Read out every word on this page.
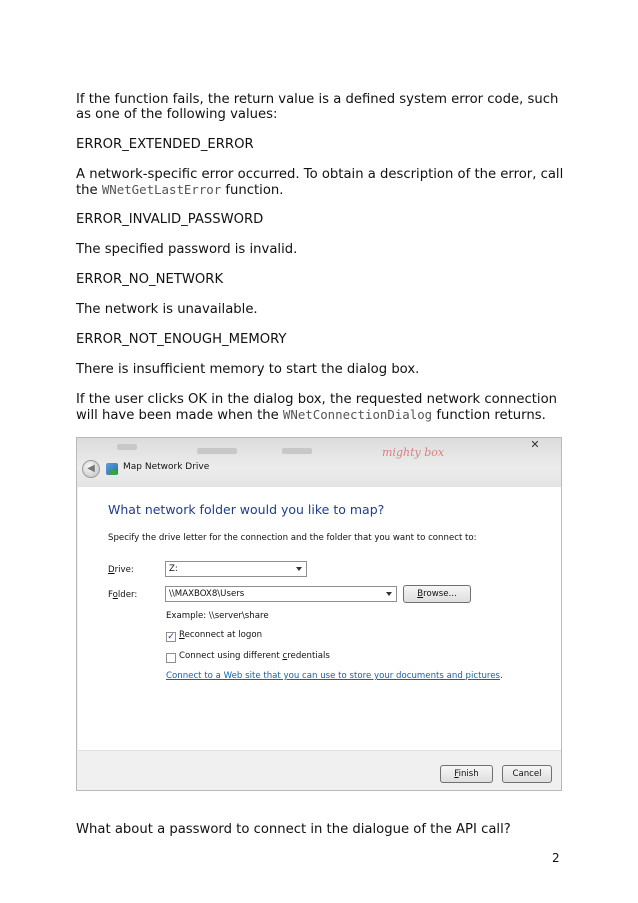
If the function fails, the return value is a defined system error code, such as one of the following values:

ERROR_EXTENDED_ERROR

A network-specific error occurred. To obtain a description of the error, call the WNetGetLastError function.

ERROR_INVALID_PASSWORD

The specified password is invalid.

ERROR_NO_NETWORK

The network is unavailable.

ERROR_NOT_ENOUGH_MEMORY

There is insufficient memory to start the dialog box.

If the user clicks OK in the dialog box, the requested network connection will have been made when the WNetConnectionDialog function returns.

mighty box
✕
◀	Map Network Drive
What network folder would you like to map?
Specify the drive letter for the connection and the folder that you want to connect to:
Drive:	Z:
Folder:	\\MAXBOX8\Users	Browse...
Example: \\server\share
✓ Reconnect at logon
Connect using different credentials
Connect to a Web site that you can use to store your documents and pictures.
Finish	Cancel

What about a password to connect in the dialogue of the API call?

2
